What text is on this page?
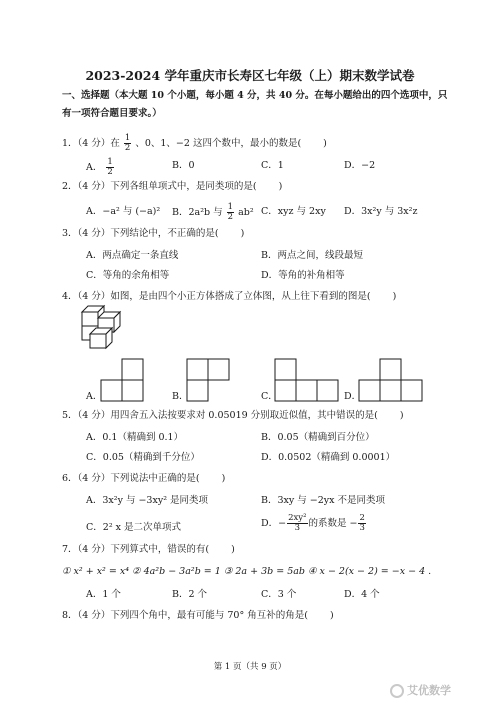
2023-2024 学年重庆市长寿区七年级（上）期末数学试卷
一、选择题（本大题 10 个小题，每小题 4 分，共 40 分。在每小题给出的四个选项中，只
有一项符合题目要求。）
1．（4 分）在 $\frac{1}{2}$ 、0、1、−2 这四个数中，最小的数是( )
A． $\frac{1}{2}$	B．0	C．1	D．−2
2．（4 分）下列各组单项式中，是同类项的是( )
A．−a² 与 (−a)² B．2a²b 与 $\frac{1}{2} ab^2$ C．xyz 与 2xy D．3x²y 与 3x²z
3．（4 分）下列结论中，不正确的是( )
A．两点确定一条直线	B．两点之间，线段最短
C．等角的余角相等	D．等角的补角相等
4．（4 分）如图，是由四个小正方体搭成了立体图，从上往下看到的图是( )
A．	B．	C．	D．
5．（4 分）用四舍五入法按要求对 0.05019 分别取近似值，其中错误的是( )
A．0.1（精确到 0.1）	B．0.05（精确到百分位）
C．0.05（精确到千分位）	D．0.0502（精确到 0.0001）
6．（4 分）下列说法中正确的是( )
A．3x²y 与 −3xy² 是同类项	B．3xy 与 −2yx 不是同类项
C．2² x 是二次单项式	D．− $\frac{\text{2xy²}}{3}$ 的系数是 − $\frac{2}{3}$
7．（4 分）下列算式中，错误的有( )
① x² + x² = x⁴ ② 4a²b − 3a²b = 1 ③ 2a + 3b = 5ab ④ x − 2(x − 2) = −x − 4 .
A．1 个	B．2 个	C．3 个	D．4 个
8．（4 分）下列四个角中，最有可能与 70° 角互补的角是( )
第 1 页（共 9 页）
艾优数学
